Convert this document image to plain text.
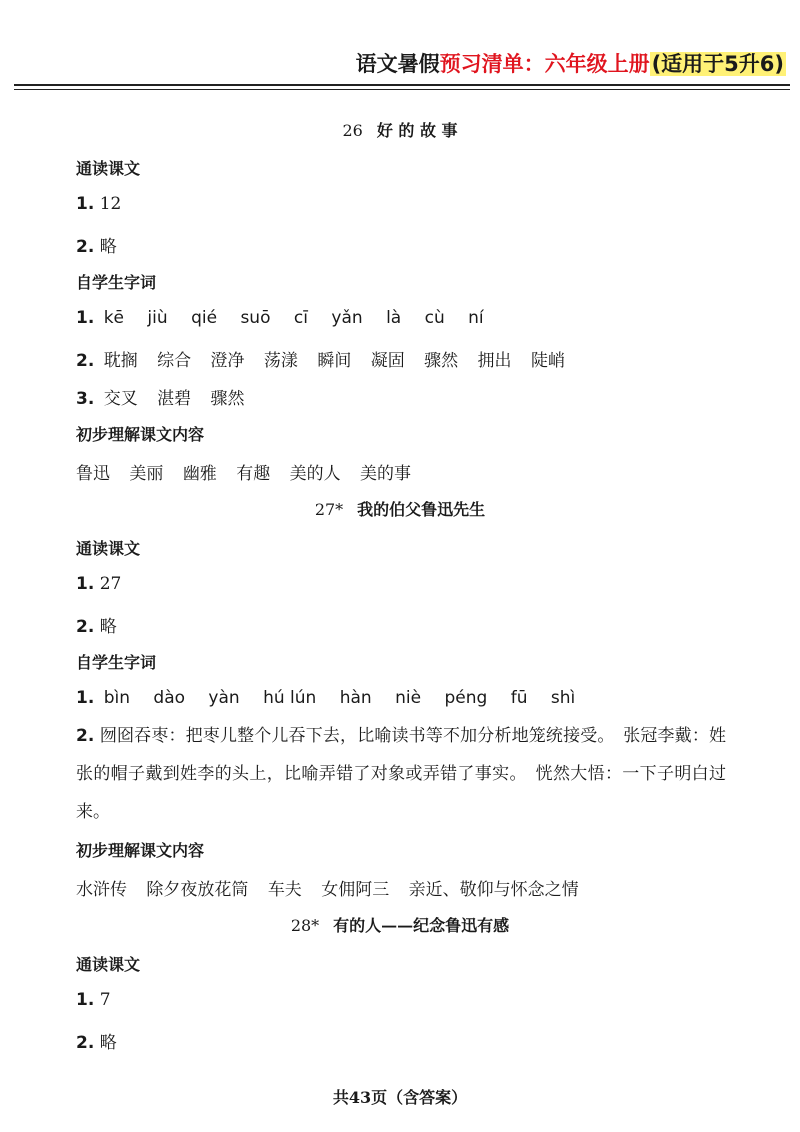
语文暑假预习清单：六年级上册(适用于5升6)
26 好 的 故 事
通读课文
1. 12
2. 略
自学生字词
1. kē jiù qié suō cī yǎn là cù ní
2. 耽搁 综合 澄净 荡漾 瞬间 凝固 骤然 拥出 陡峭
3. 交叉 湛碧 骤然
初步理解课文内容
鲁迅 美丽 幽雅 有趣 美的人 美的事
27* 我的伯父鲁迅先生
通读课文
1. 27
2. 略
自学生字词
1. bìn dào yàn hú lún hàn niè péng fū shì
2. 囫囵吞枣：把枣儿整个儿吞下去，比喻读书等不加分析地笼统接受。　张冠李戴：姓张的帽子戴到姓李的头上，比喻弄错了对象或弄错了事实。　恍然大悟：一下子明白过来。
初步理解课文内容
水浒传 除夕夜放花筒 车夫 女佣阿三 亲近、敬仰与怀念之情
28* 有的人——纪念鲁迅有感
通读课文
1. 7
2. 略
共43页（含答案）
